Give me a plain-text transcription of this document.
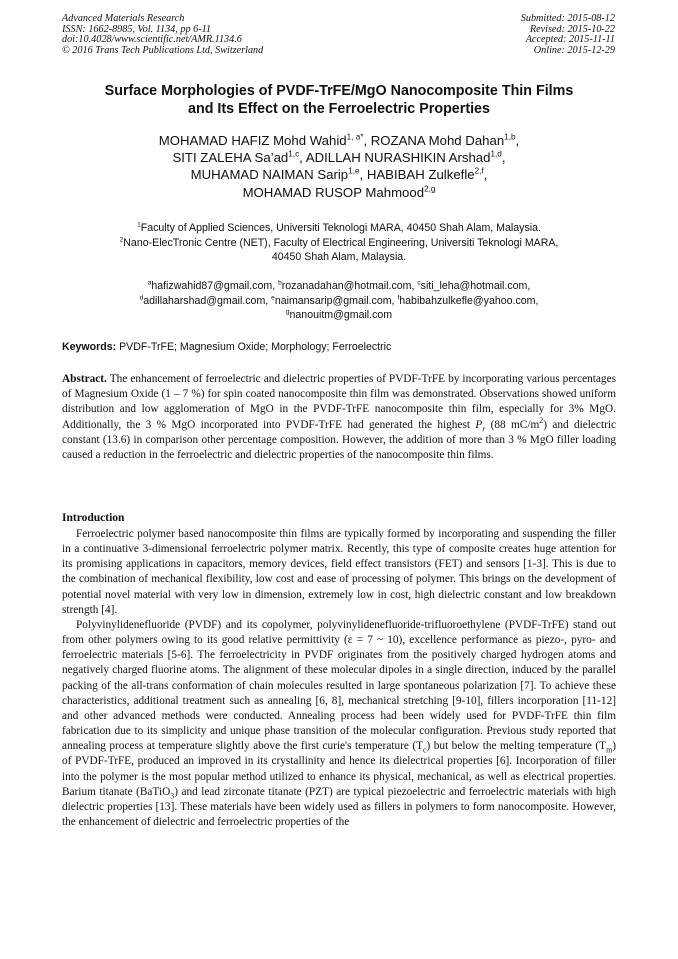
Advanced Materials Research
ISSN: 1662-8985, Vol. 1134, pp 6-11
doi:10.4028/www.scientific.net/AMR.1134.6
© 2016 Trans Tech Publications Ltd, Switzerland
Submitted: 2015-08-12
Revised: 2015-10-22
Accepted: 2015-11-11
Online: 2015-12-29
Surface Morphologies of PVDF-TrFE/MgO Nanocomposite Thin Films
and Its Effect on the Ferroelectric Properties
MOHAMAD HAFIZ Mohd Wahid$^{1, a*}$, ROZANA Mohd Dahan$^{1,b}$,
SITI ZALEHA Sa’ad$^{1,c}$, ADILLAH NURASHIKIN Arshad$^{1,d}$,
MUHAMAD NAIMAN Sarip$^{1,e}$, HABIBAH Zulkefle$^{2,f}$,
MOHAMAD RUSOP Mahmood$^{2,g}$
$^1$Faculty of Applied Sciences, Universiti Teknologi MARA, 40450 Shah Alam, Malaysia.
$^2$Nano-ElecTronic Centre (NET), Faculty of Electrical Engineering, Universiti Teknologi MARA,
40450 Shah Alam, Malaysia.
$^a$hafizwahid87@gmail.com, $^b$rozanadahan@hotmail.com, $^c$siti_leha@hotmail.com,
$^d$adillaharshad@gmail.com, $^e$naimansarip@gmail.com, $^f$habibahzulkefle@yahoo.com,
$^g$nanouitm@gmail.com
Keywords: PVDF-TrFE; Magnesium Oxide; Morphology; Ferroelectric

Abstract. The enhancement of ferroelectric and dielectric properties of PVDF-TrFE by incorporating various percentages of Magnesium Oxide (1 – 7 %) for spin coated nanocomposite thin film was demonstrated. Observations showed uniform distribution and low agglomeration of MgO in the PVDF-TrFE nanocomposite thin film, especially for 3% MgO. Additionally, the 3 % MgO incorporated into PVDF-TrFE had generated the highest $P_r$ (88 $mC/m^2$) and dielectric constant (13.6) in comparison other percentage composition. However, the addition of more than 3 % MgO filler loading caused a reduction in the ferroelectric and dielectric properties of the nanocomposite thin films.

Introduction

Ferroelectric polymer based nanocomposite thin films are typically formed by incorporating and suspending the filler in a continuative 3-dimensional ferroelectric polymer matrix. Recently, this type of composite creates huge attention for its promising applications in capacitors, memory devices, field effect transistors (FET) and sensors [1-3]. This is due to the combination of mechanical flexibility, low cost and ease of processing of polymer. This brings on the development of potential novel material with very low in dimension, extremely low in cost, high dielectric constant and low breakdown strength [4].

Polyvinylidenefluoride (PVDF) and its copolymer, polyvinylidenefluoride-trifluoroethylene (PVDF-TrFE) stand out from other polymers owing to its good relative permittivity (ε = 7 ~ 10), excellence performance as piezo-, pyro- and ferroelectric materials [5-6]. The ferroelectricity in PVDF originates from the positively charged hydrogen atoms and negatively charged fluorine atoms. The alignment of these molecular dipoles in a single direction, induced by the parallel packing of the all-trans conformation of chain molecules resulted in large spontaneous polarization [7]. To achieve these characteristics, additional treatment such as annealing [6, 8], mechanical stretching [9-10], fillers incorporation [11-12] and other advanced methods were conducted. Annealing process had been widely used for PVDF-TrFE thin film fabrication due to its simplicity and unique phase transition of the molecular configuration. Previous study reported that annealing process at temperature slightly above the first curie's temperature $(T_c)$ but below the melting temperature $(T_m)$ of PVDF-TrFE, produced an improved in its crystallinity and hence its dielectrical properties [6]. Incorporation of filler into the polymer is the most popular method utilized to enhance its physical, mechanical, as well as electrical properties. Barium titanate (BaTiO$_3$) and lead zirconate titanate (PZT) are typical piezoelectric and ferroelectric materials with high dielectric properties [13]. These materials have been widely used as fillers in polymers to form nanocomposite. However, the enhancement of dielectric and ferroelectric properties of the
